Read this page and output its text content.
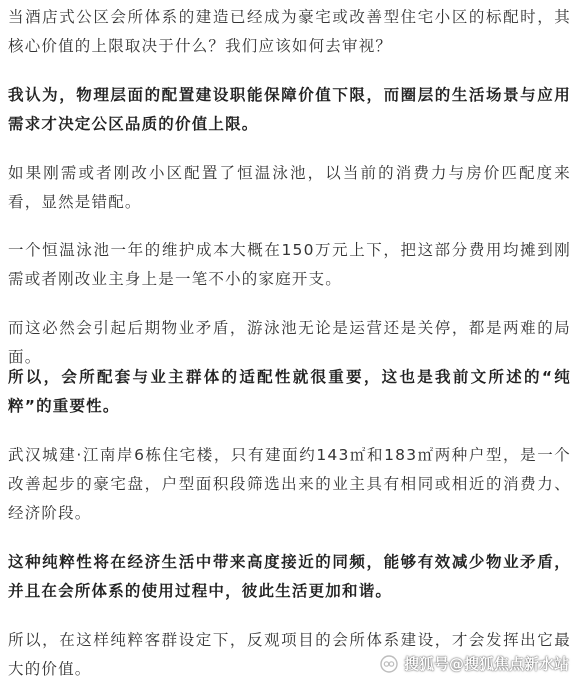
当酒店式公区会所体系的建造已经成为豪宅或改善型住宅小区的标配时，其核心价值的上限取决于什么？我们应该如何去审视？

我认为，物理层面的配置建设职能保障价值下限，而圈层的生活场景与应用需求才决定公区品质的价值上限。

如果刚需或者刚改小区配置了恒温泳池，以当前的消费力与房价匹配度来看，显然是错配。

一个恒温泳池一年的维护成本大概在150万元上下，把这部分费用均摊到刚需或者刚改业主身上是一笔不小的家庭开支。

而这必然会引起后期物业矛盾，游泳池无论是运营还是关停，都是两难的局面。

所以，会所配套与业主群体的适配性就很重要，这也是我前文所述的“纯粹”的重要性。

武汉城建·江南岸6栋住宅楼，只有建面约143㎡和183㎡两种户型，是一个改善起步的豪宅盘，户型面积段筛选出来的业主具有相同或相近的消费力、经济阶段。

这种纯粹性将在经济生活中带来高度接近的同频，能够有效减少物业矛盾，并且在会所体系的使用过程中，彼此生活更加和谐。

所以，在这样纯粹客群设定下，反观项目的会所体系建设，才会发挥出它最大的价值。	搜狐号@搜狐焦点新水站
